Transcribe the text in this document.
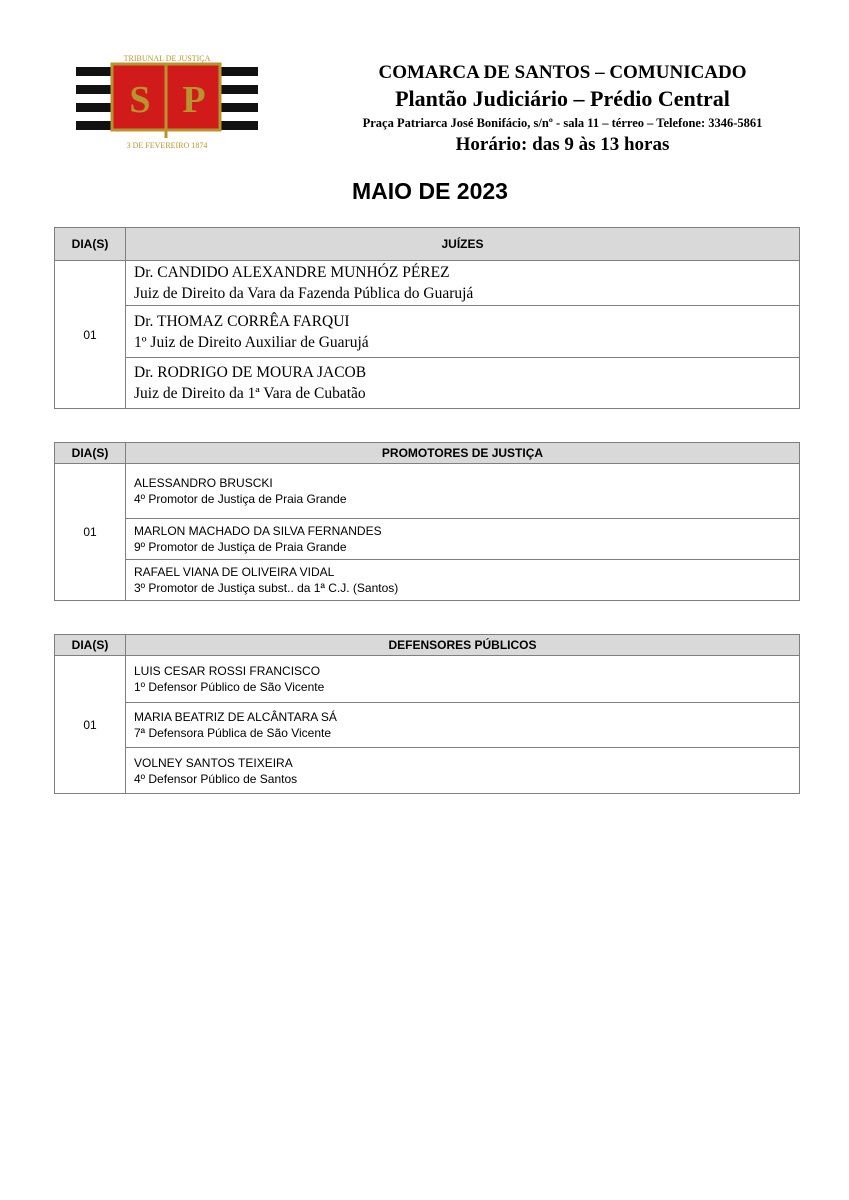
S P
TRIBUNAL DE JUSTIÇA
3 DE FEVEREIRO 1874
COMARCA DE SANTOS – COMUNICADO
Plantão Judiciário – Prédio Central
Praça Patriarca José Bonifácio, s/nº - sala 11 – térreo – Telefone: 3346-5861
Horário: das 9 às 13 horas
MAIO DE 2023
DIA(S)	JUÍZES
01	Dr. CANDIDO ALEXANDRE MUNHÓZ PÉREZ
Juiz de Direito da Vara da Fazenda Pública do Guarujá

	Dr. THOMAZ CORRÊA FARQUI
1º Juiz de Direito Auxiliar de Guarujá

	Dr. RODRIGO DE MOURA JACOB
Juiz de Direito da 1ª Vara de Cubatão
DIA(S)	PROMOTORES DE JUSTIÇA
01	ALESSANDRO BRUSCKI
4º Promotor de Justiça de Praia Grande

	MARLON MACHADO DA SILVA FERNANDES
9º Promotor de Justiça de Praia Grande

	RAFAEL VIANA DE OLIVEIRA VIDAL
3º Promotor de Justiça subst.. da 1ª C.J. (Santos)
DIA(S)	DEFENSORES PÚBLICOS
01	LUIS CESAR ROSSI FRANCISCO
1º Defensor Público de São Vicente

	MARIA BEATRIZ DE ALCÂNTARA SÁ
7ª Defensora Pública de São Vicente

	VOLNEY SANTOS TEIXEIRA
4º Defensor Público de Santos
